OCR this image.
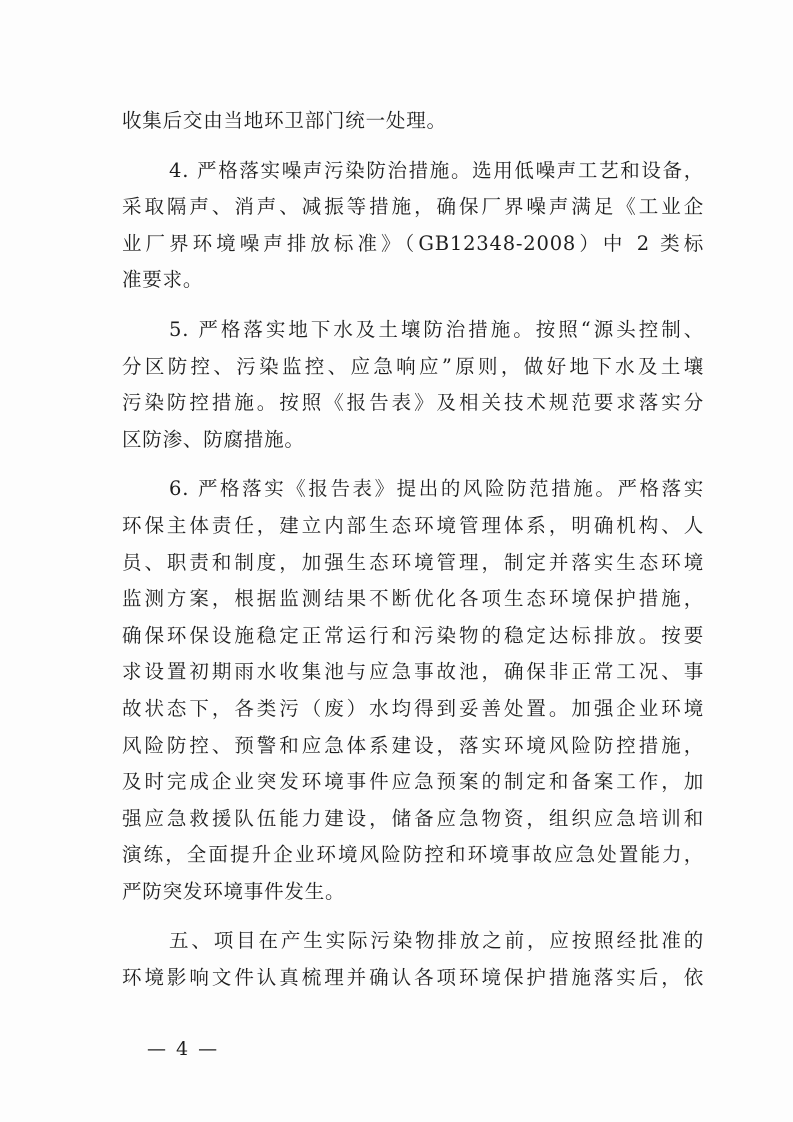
收集后交由当地环卫部门统一处理。
4. 严格落实噪声污染防治措施。选用低噪声工艺和设备，
采取隔声、消声、减振等措施，确保厂界噪声满足《工业企
业厂界环境噪声排放标准》（GB12348-2008）中 2 类标
准要求。
5. 严格落实地下水及土壤防治措施。按照“源头控制、
分区防控、污染监控、应急响应”原则，做好地下水及土壤
污染防控措施。按照《报告表》及相关技术规范要求落实分
区防渗、防腐措施。
6. 严格落实《报告表》提出的风险防范措施。严格落实
环保主体责任，建立内部生态环境管理体系，明确机构、人
员、职责和制度，加强生态环境管理，制定并落实生态环境
监测方案，根据监测结果不断优化各项生态环境保护措施，
确保环保设施稳定正常运行和污染物的稳定达标排放。按要
求设置初期雨水收集池与应急事故池，确保非正常工况、事
故状态下，各类污（废）水均得到妥善处置。加强企业环境
风险防控、预警和应急体系建设，落实环境风险防控措施，
及时完成企业突发环境事件应急预案的制定和备案工作，加
强应急救援队伍能力建设，储备应急物资，组织应急培训和
演练，全面提升企业环境风险防控和环境事故应急处置能力，
严防突发环境事件发生。
五、项目在产生实际污染物排放之前，应按照经批准的
环境影响文件认真梳理并确认各项环境保护措施落实后，依
— 4 —
